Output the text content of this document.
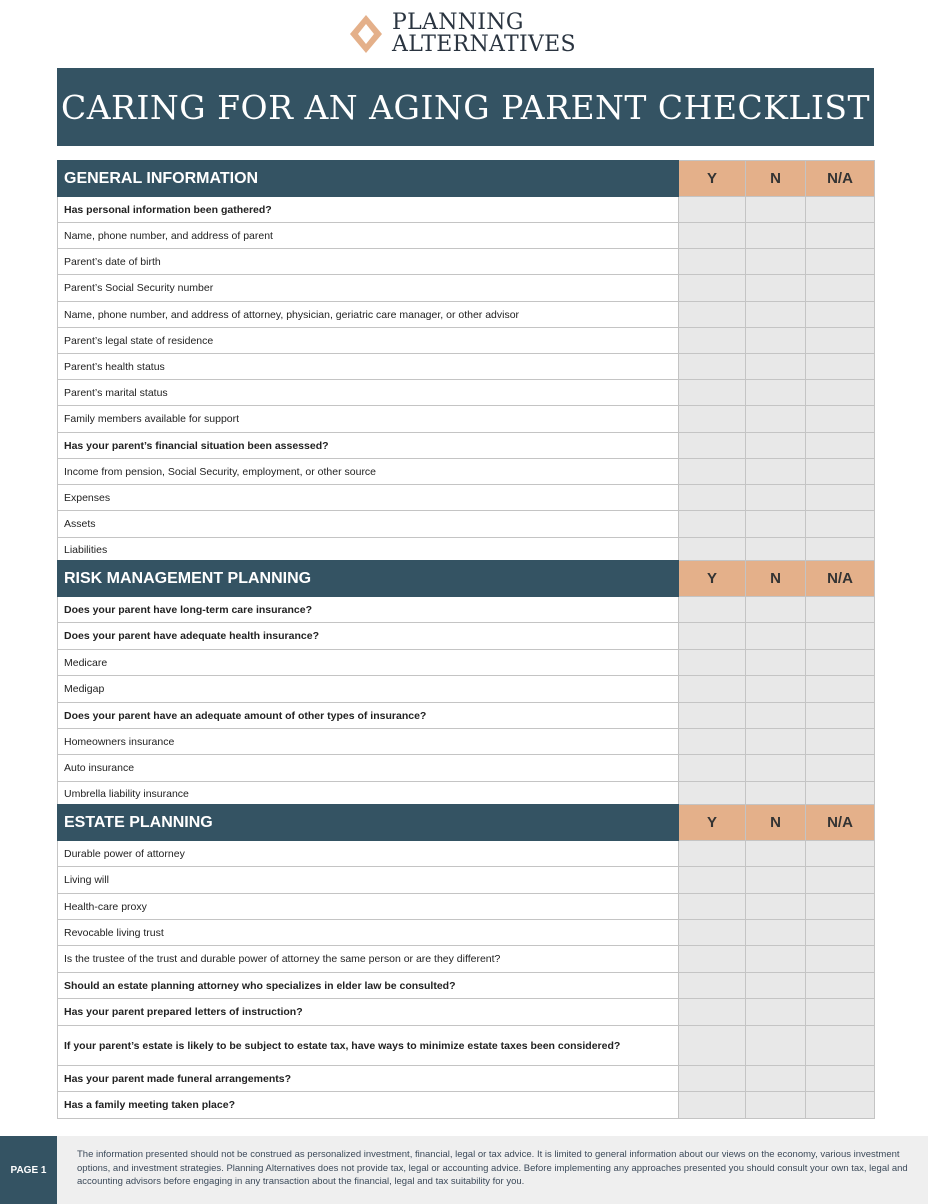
PLANNING
ALTERNATIVES
CARING FOR AN AGING PARENT CHECKLIST
GENERAL INFORMATION	Y	N	N/A
Has personal information been gathered?			
Name, phone number, and address of parent			
Parent’s date of birth			
Parent’s Social Security number			
Name, phone number, and address of attorney, physician, geriatric care manager, or other advisor			
Parent’s legal state of residence			
Parent’s health status			
Parent’s marital status			
Family members available for support			
Has your parent’s financial situation been assessed?			
Income from pension, Social Security, employment, or other source			
Expenses			
Assets			
Liabilities			
RISK MANAGEMENT PLANNING	Y	N	N/A
Does your parent have long-term care insurance?			
Does your parent have adequate health insurance?			
Medicare			
Medigap			
Does your parent have an adequate amount of other types of insurance?			
Homeowners insurance			
Auto insurance			
Umbrella liability insurance			
ESTATE PLANNING	Y	N	N/A
Durable power of attorney			
Living will			
Health-care proxy			
Revocable living trust			
Is the trustee of the trust and durable power of attorney the same person or are they different?			
Should an estate planning attorney who specializes in elder law be consulted?			
Has your parent prepared letters of instruction?			
If your parent’s estate is likely to be subject to estate tax, have ways to minimize estate taxes been considered?			
Has your parent made funeral arrangements?			
Has a family meeting taken place?			
PAGE
1
The information presented should not be construed as personalized investment, financial, legal or tax advice. It is limited to general information about our views on the economy, various investment options, and investment strategies. Planning Alternatives does not provide tax, legal or accounting advice. Before implementing any approaches presented you should consult your own tax, legal and accounting advisors before engaging in any transaction about the financial, legal and tax suitability for you.
